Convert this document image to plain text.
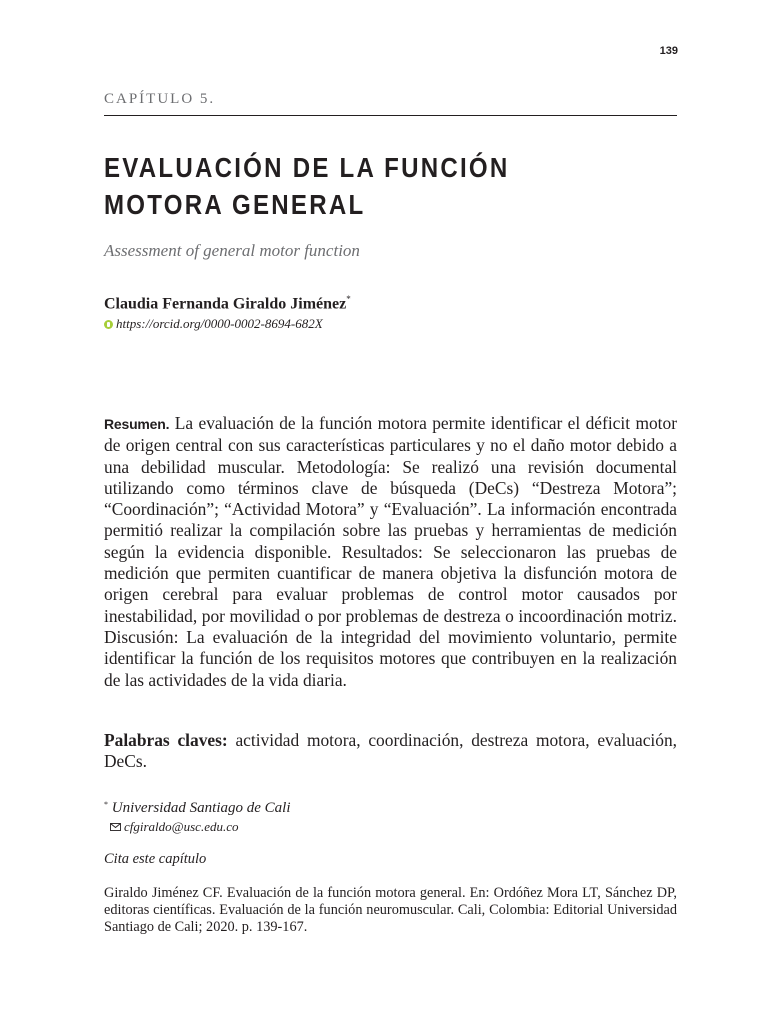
139
CAPÍTULO 5.
EVALUACIÓN DE LA FUNCIÓN
MOTORA GENERAL
Assessment of general motor function
Claudia Fernanda Giraldo Jiménez*
https://orcid.org/0000-0002-8694-682X

Resumen. La evaluación de la función motora permite identificar el déficit motor de origen central con sus características particulares y no el daño motor debido a una debilidad muscular. Metodología: Se realizó una revisión documental utilizando como términos clave de búsqueda (DeCs) “Destreza Motora”; “Coordinación”; “Actividad Motora” y “Evaluación”. La información encontrada permitió realizar la compilación sobre las pruebas y herramientas de medición según la evidencia disponible. Resultados: Se seleccionaron las pruebas de medición que permiten cuantificar de manera objetiva la disfunción motora de origen cerebral para evaluar problemas de control motor causados por inestabilidad, por movilidad o por problemas de destreza o incoordinación motriz. Discusión: La evaluación de la integridad del movimiento voluntario, permite identificar la función de los requisitos motores que contribuyen en la realización de las actividades de la vida diaria.

Palabras claves: actividad motora, coordinación, destreza motora, evaluación, DeCs.

* Universidad Santiago de Cali
cfgiraldo@usc.edu.co
Cita este capítulo

Giraldo Jiménez CF. Evaluación de la función motora general. En: Ordóñez Mora LT, Sánchez DP, editoras científicas. Evaluación de la función neuromuscular. Cali, Colombia: Editorial Universidad Santiago de Cali; 2020. p. 139-167.
